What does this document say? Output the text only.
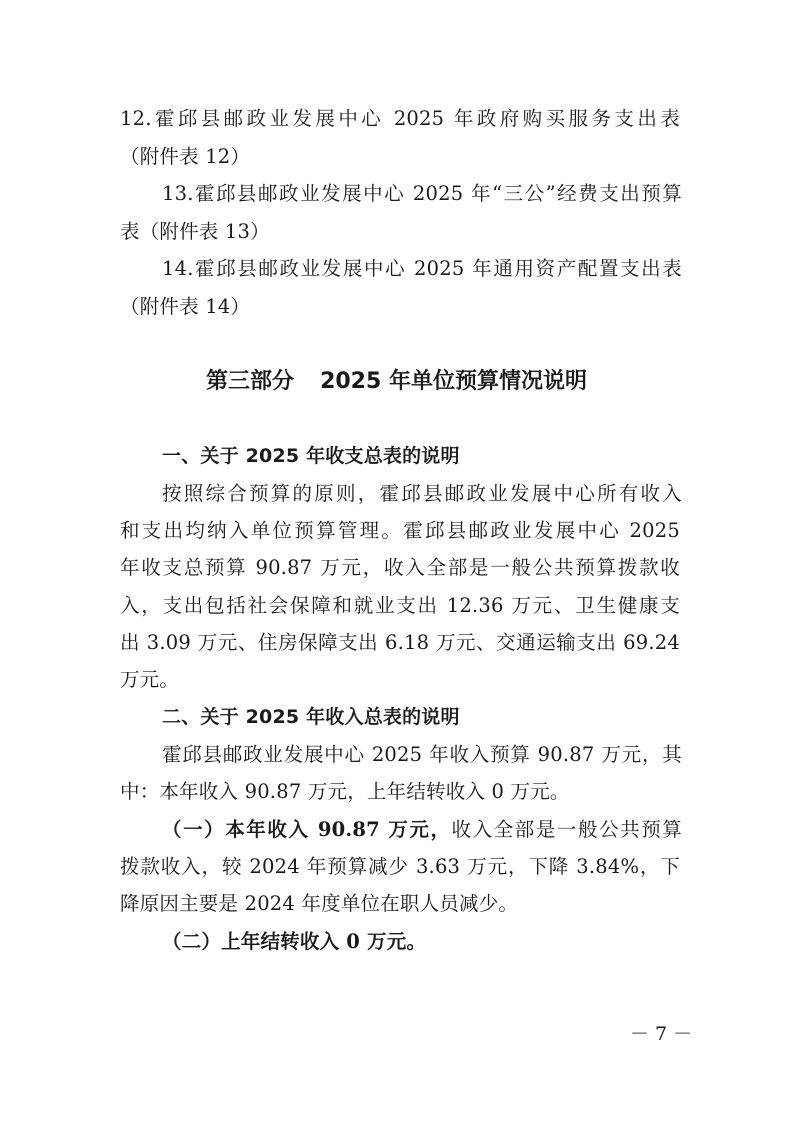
12.霍邱县邮政业发展中心 2025 年政府购买服务支出表
（附件表 12）
13.霍邱县邮政业发展中心 2025 年“三公”经费支出预算
表（附件表 13）
14.霍邱县邮政业发展中心 2025 年通用资产配置支出表
（附件表 14）
第三部分 2025 年单位预算情况说明
一、关于 2025 年收支总表的说明
按照综合预算的原则，霍邱县邮政业发展中心所有收入
和支出均纳入单位预算管理。霍邱县邮政业发展中心 2025
年收支总预算 90.87 万元，收入全部是一般公共预算拨款收
入，支出包括社会保障和就业支出 12.36 万元、卫生健康支
出 3.09 万元、住房保障支出 6.18 万元、交通运输支出 69.24
万元。
二、关于 2025 年收入总表的说明
霍邱县邮政业发展中心 2025 年收入预算 90.87 万元，其
中：本年收入 90.87 万元，上年结转收入 0 万元。
（一）本年收入 90.87 万元，收入全部是一般公共预算
拨款收入，较 2024 年预算减少 3.63 万元，下降 3.84%，下
降原因主要是 2024 年度单位在职人员减少。
（二）上年结转收入 0 万元。
－ 7 －
